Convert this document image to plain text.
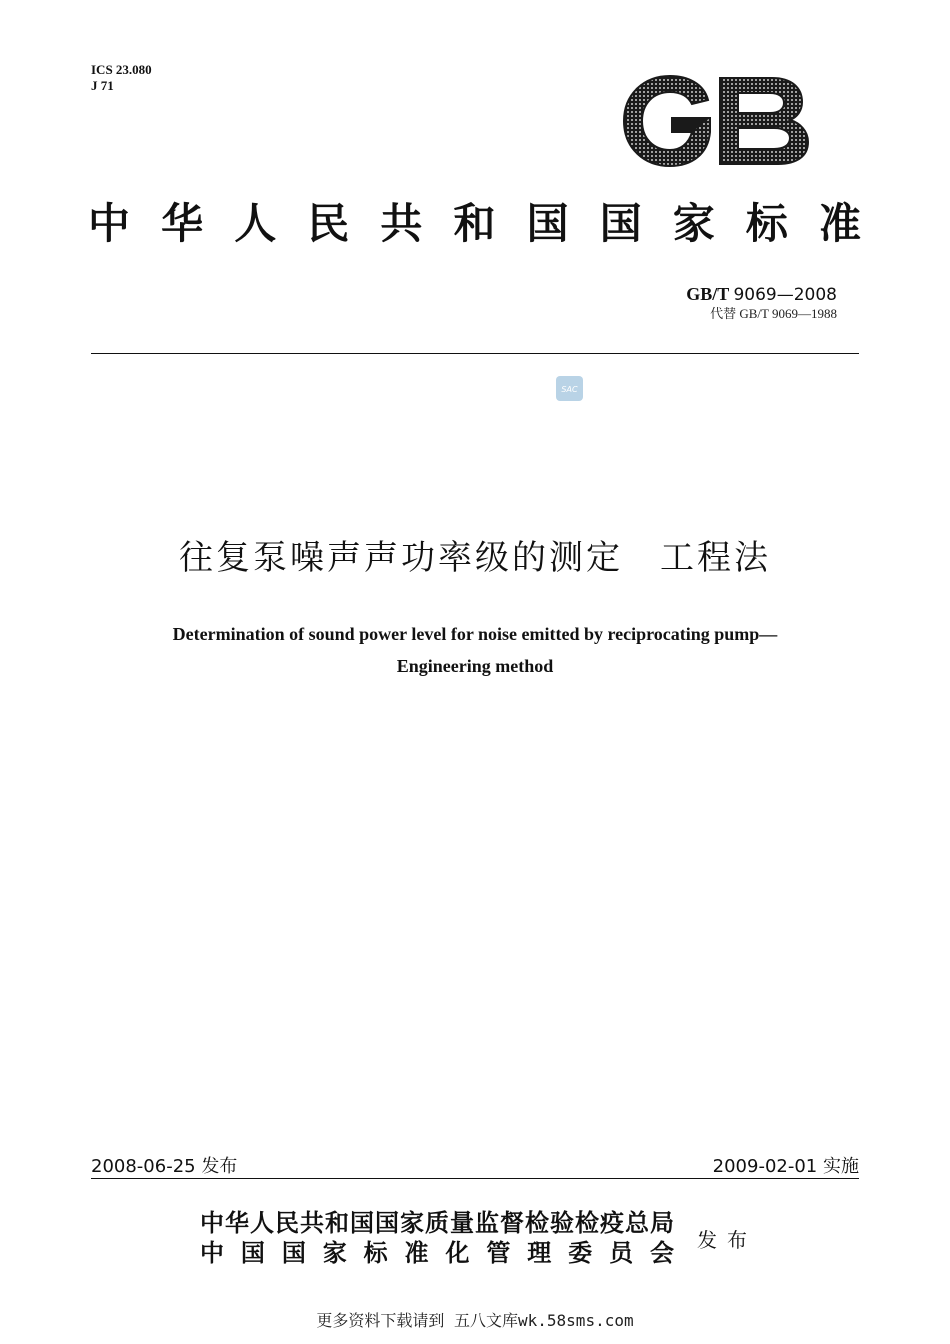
ICS 23.080
J 71
中华人民共和国国家标准
GB/T 9069—2008
代替 GB/T 9069—1988
SAC
往复泵噪声声功率级的测定　工程法
Determination of sound power level for noise emitted by reciprocating pump—
Engineering method
2008-06-25 发布	2009-02-01 实施
中华人民共和国国家质量监督检验检疫总局
中国国家标准化管理委员会 发布
更多资料下载请到 五八文库wk.58sms.com
